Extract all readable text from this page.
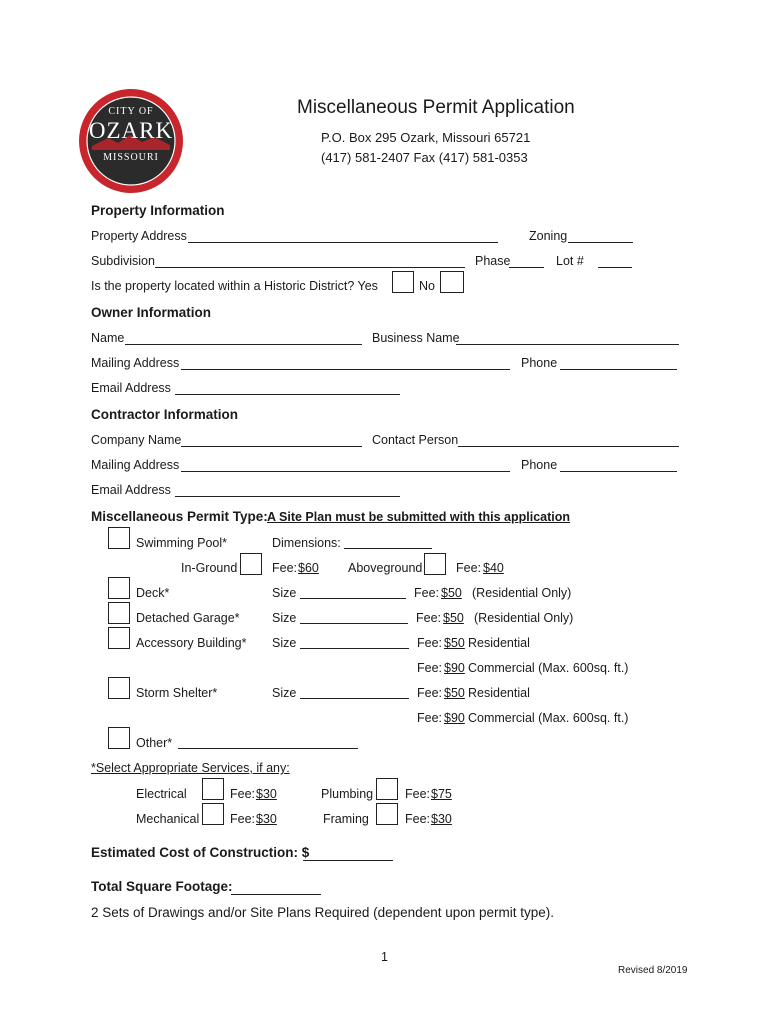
CITY OF
OZARK
MISSOURI
Miscellaneous Permit Application
P.O. Box 295 Ozark, Missouri 65721
(417) 581-2407 Fax (417) 581-0353
Property Information
Property Address	Zoning
Subdivision	Phase	Lot #
Is the property located within a Historic District? Yes	No
Owner Information
Name	Business Name
Mailing Address	Phone
Email Address
Contractor Information
Company Name	Contact Person
Mailing Address	Phone
Email Address
Miscellaneous Permit Type: A Site Plan must be submitted with this application
Swimming Pool*	Dimensions:
In-Ground	Fee: $60 Aboveground	Fee: $40
Deck*	Size	Fee: $50 (Residential Only)
Detached Garage*	Size	Fee: $50 (Residential Only)
Accessory Building* Size	Fee: $50 Residential
Fee: $90 Commercial (Max. 600sq. ft.)
Storm Shelter*	Size	Fee: $50 Residential
Fee: $90 Commercial (Max. 600sq. ft.)
Other*
*Select Appropriate Services, if any:
Electrical	Fee: $30	Plumbing	Fee: $75
Mechanical Fee: $30	Framing	Fee: $30
Estimated Cost of Construction: $
Total Square Footage:
2 Sets of Drawings and/or Site Plans Required (dependent upon permit type).
1
Revised 8/2019
